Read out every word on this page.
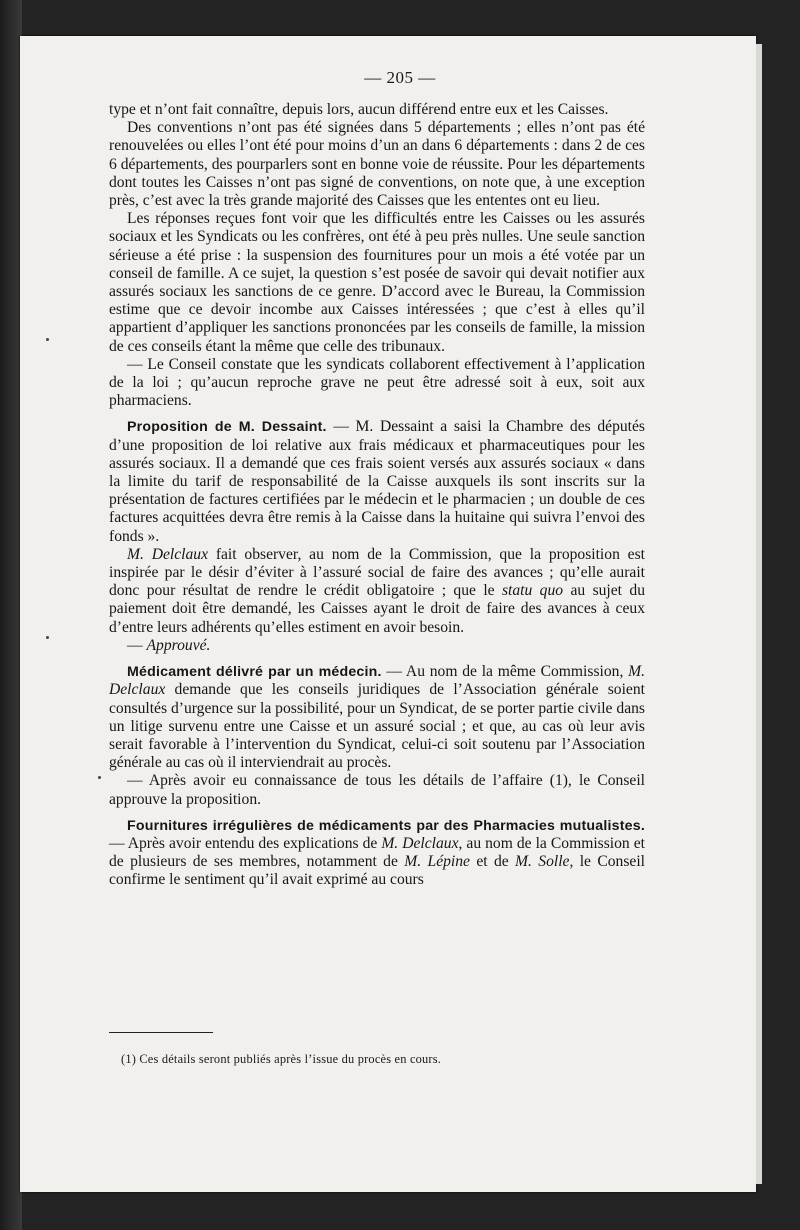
— 205 —

type et n’ont fait connaître, depuis lors, aucun différend entre eux et les Caisses.

Des conventions n’ont pas été signées dans 5 départements ; elles n’ont pas été renouvelées ou elles l’ont été pour moins d’un an dans 6 départements : dans 2 de ces 6 départements, des pourparlers sont en bonne voie de réussite. Pour les départements dont toutes les Caisses n’ont pas signé de conventions, on note que, à une exception près, c’est avec la très grande majorité des Caisses que les ententes ont eu lieu.

Les réponses reçues font voir que les difficultés entre les Caisses ou les assurés sociaux et les Syndicats ou les confrères, ont été à peu près nulles. Une seule sanction sérieuse a été prise : la suspension des fournitures pour un mois a été votée par un conseil de famille. A ce sujet, la question s’est posée de savoir qui devait notifier aux assurés sociaux les sanctions de ce genre. D’accord avec le Bureau, la Commission estime que ce devoir incombe aux Caisses intéressées ; que c’est à elles qu’il appartient d’appliquer les sanctions prononcées par les conseils de famille, la mission de ces conseils étant la même que celle des tribunaux.

— Le Conseil constate que les syndicats collaborent effectivement à l’application de la loi ; qu’aucun reproche grave ne peut être adressé soit à eux, soit aux pharmaciens.

Proposition de M. Dessaint. — M. Dessaint a saisi la Chambre des députés d’une proposition de loi relative aux frais médicaux et pharmaceutiques pour les assurés sociaux. Il a demandé que ces frais soient versés aux assurés sociaux « dans la limite du tarif de responsabilité de la Caisse auxquels ils sont inscrits sur la présentation de factures certifiées par le médecin et le pharmacien ; un double de ces factures acquittées devra être remis à la Caisse dans la huitaine qui suivra l’envoi des fonds ».

M. Delclaux fait observer, au nom de la Commission, que la proposition est inspirée par le désir d’éviter à l’assuré social de faire des avances ; qu’elle aurait donc pour résultat de rendre le crédit obligatoire ; que le statu quo au sujet du paiement doit être demandé, les Caisses ayant le droit de faire des avances à ceux d’entre leurs adhérents qu’elles estiment en avoir besoin.

— Approuvé.

Médicament délivré par un médecin. — Au nom de la même Commission, M. Delclaux demande que les conseils juridiques de l’Association générale soient consultés d’urgence sur la possibilité, pour un Syndicat, de se porter partie civile dans un litige survenu entre une Caisse et un assuré social ; et que, au cas où leur avis serait favorable à l’intervention du Syndicat, celui-ci soit soutenu par l’Association générale au cas où il interviendrait au procès.

— Après avoir eu connaissance de tous les détails de l’affaire (1), le Conseil approuve la proposition.

Fournitures irrégulières de médicaments par des Pharmacies mutualistes. — Après avoir entendu des explications de M. Delclaux, au nom de la Commission et de plusieurs de ses membres, notamment de M. Lépine et de M. Solle, le Conseil confirme le sentiment qu’il avait exprimé au cours

(1) Ces détails seront publiés après l’issue du procès en cours.
